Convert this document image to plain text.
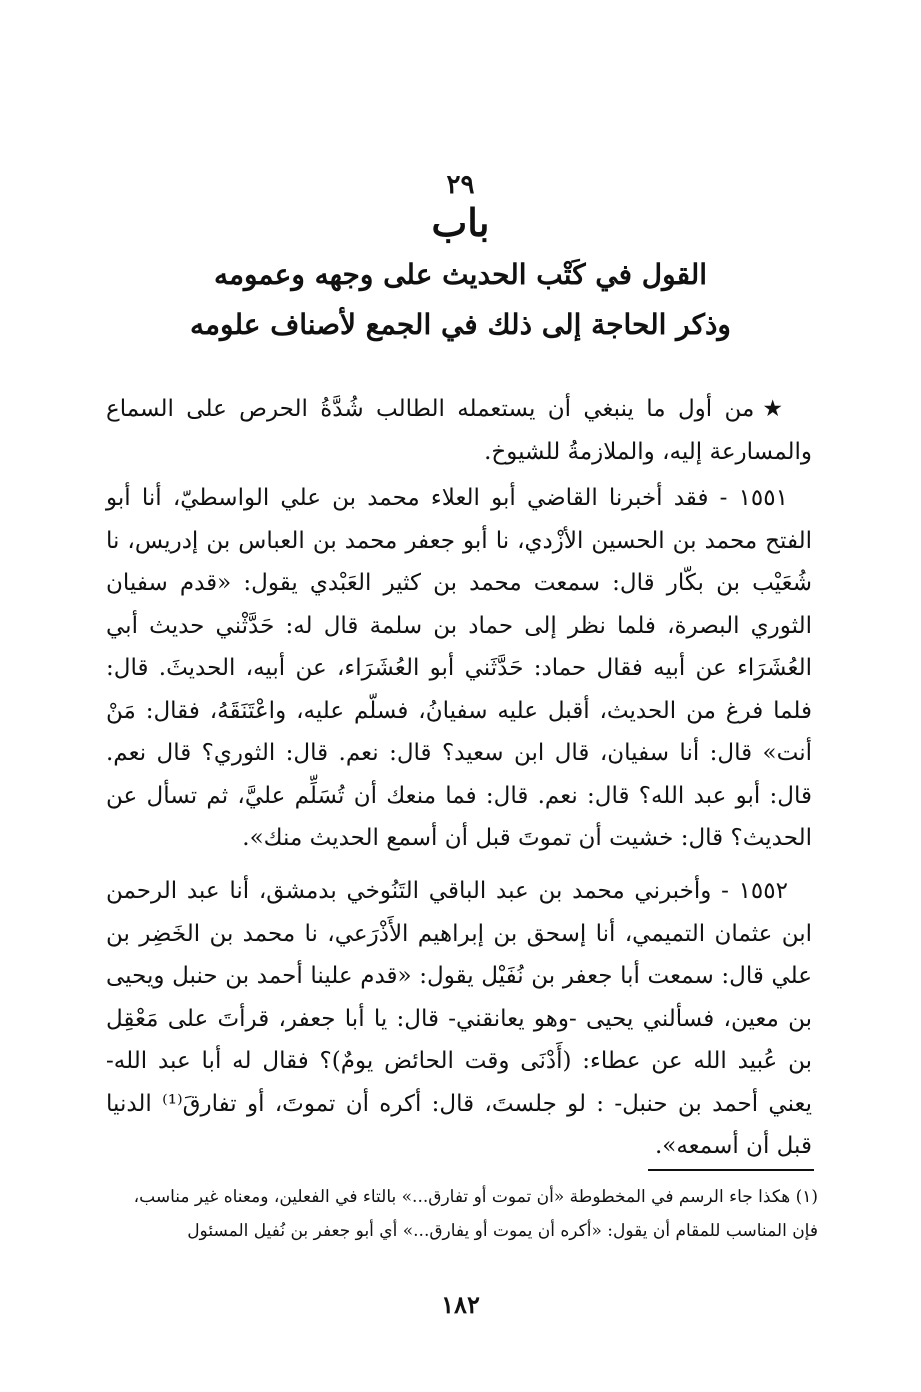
٢٩
باب
القول في كَتْب الحديث على وجهه وعمومه
وذكر الحاجة إلى ذلك في الجمع لأصناف علومه

★من أول ما ينبغي أن يستعمله الطالب شُدَّةُ الحرص على السماع والمسارعة إليه، والملازمةُ للشيوخ.

١٥٥١ - فقد أخبرنا القاضي أبو العلاء محمد بن علي الواسطيّ، أنا أبو الفتح محمد بن الحسين الأزْدي، نا أبو جعفر محمد بن العباس بن إدريس، نا شُعَيْب بن بكّار قال: سمعت محمد بن كثير العَبْدي يقول: «قدم سفيان الثوري البصرة، فلما نظر إلى حماد بن سلمة قال له: حَدَّثْني حديث أبي العُشَرَاء عن أبيه فقال حماد: حَدَّثَني أبو العُشَرَاء، عن أبيه، الحديثَ. قال: فلما فرغ من الحديث، أقبل عليه سفيانُ، فسلّم عليه، واعْتَنَقَهُ، فقال: مَنْ أنت» قال: أنا سفيان، قال ابن سعيد؟ قال: نعم. قال: الثوري؟ قال نعم. قال: أبو عبد الله؟ قال: نعم. قال: فما منعك أن تُسَلِّم عليَّ، ثم تسأل عن الحديث؟ قال: خشيت أن تموتَ قبل أن أسمع الحديث منك».

١٥٥٢ - وأخبرني محمد بن عبد الباقي التَنُوخي بدمشق، أنا عبد الرحمن ابن عثمان التميمي، أنا إسحق بن إبراهيم الأَذْرَعي، نا محمد بن الخَضِر بن علي قال: سمعت أبا جعفر بن نُفَيْل يقول: «قدم علينا أحمد بن حنبل ويحيى بن معين، فسألني يحيى -وهو يعانقني- قال: يا أبا جعفر، قرأتَ على مَعْقِل بن عُبيد الله عن عطاء: (أَدْنَى وقت الحائض يومٌ)؟ فقال له أبا عبد الله- يعني أحمد بن حنبل- : لو جلستَ، قال: أكره أن تموتَ، أو تفارقَ⁽¹⁾ الدنيا قبل أن أسمعه».

(١) هكذا جاء الرسم في المخطوطة «أن تموت أو تفارق...» بالتاء في الفعلين، ومعناه غير مناسب،

فإن المناسب للمقام أن يقول: «أكره أن يموت أو يفارق...» أي أبو جعفر بن نُفيل المسئول

١٨٢
